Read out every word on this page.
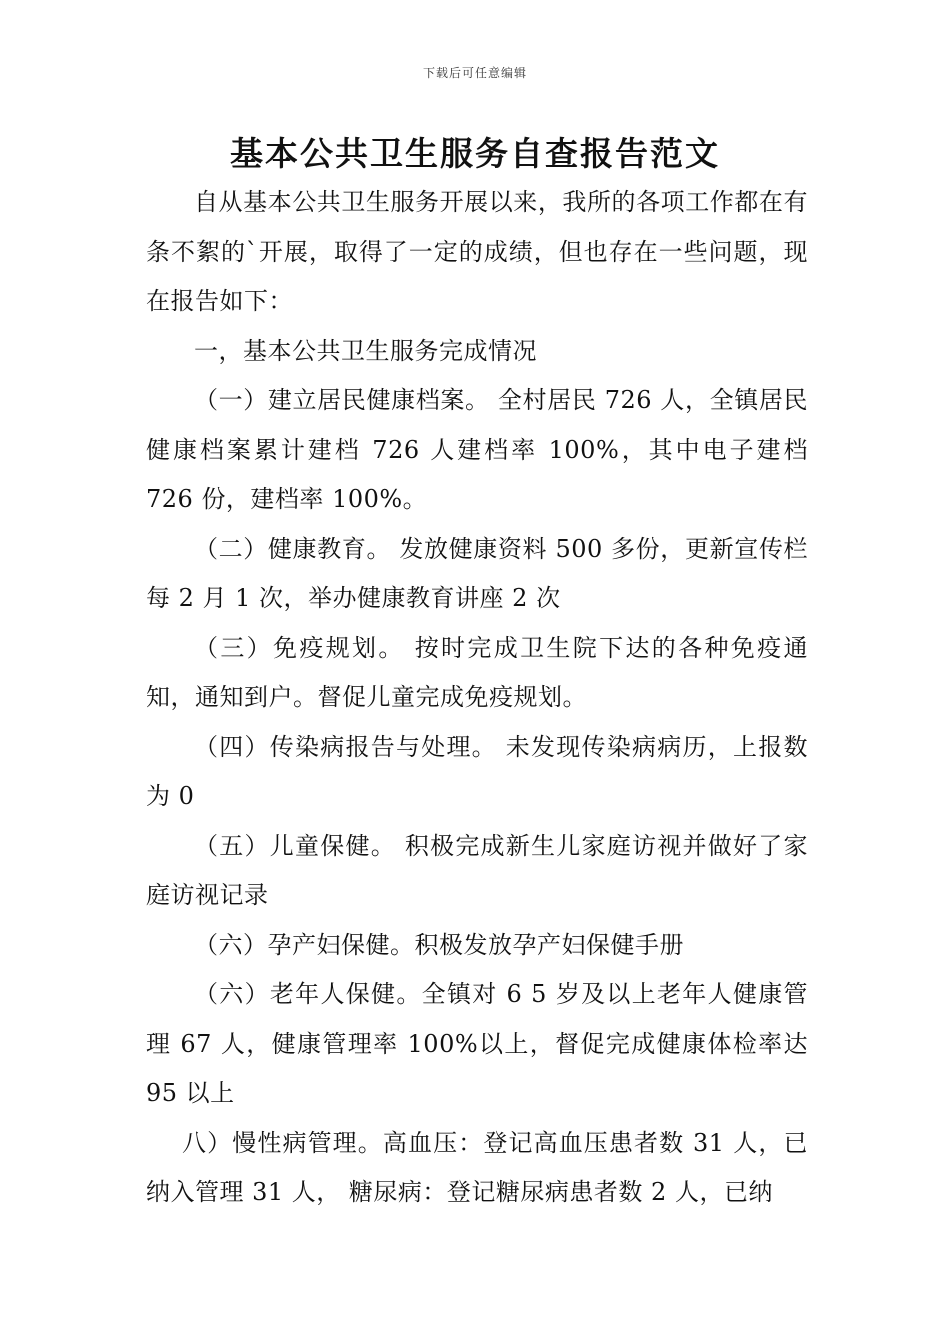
下载后可任意编辑
基本公共卫生服务自查报告范文

自从基本公共卫生服务开展以来，我所的各项工作都在有条不絮的`开展，取得了一定的成绩，但也存在一些问题，现在报告如下：

一，基本公共卫生服务完成情况

（一）建立居民健康档案。 全村居民 726 人，全镇居民健康档案累计建档 726 人建档率 100%，其中电子建档 726 份，建档率 100%。

（二）健康教育。 发放健康资料 500 多份，更新宣传栏每 2 月 1 次，举办健康教育讲座 2 次

（三）免疫规划。 按时完成卫生院下达的各种免疫通知，通知到户。督促儿童完成免疫规划。

（四）传染病报告与处理。 未发现传染病病历，上报数为 0

（五）儿童保健。 积极完成新生儿家庭访视并做好了家庭访视记录

（六）孕产妇保健。积极发放孕产妇保健手册

（六）老年人保健。全镇对 6 5 岁及以上老年人健康管理 67 人，健康管理率 100%以上，督促完成健康体检率达 95 以上

八）慢性病管理。高血压：登记高血压患者数 31 人，已纳入管理 31 人， 糖尿病：登记糖尿病患者数 2 人，已纳
